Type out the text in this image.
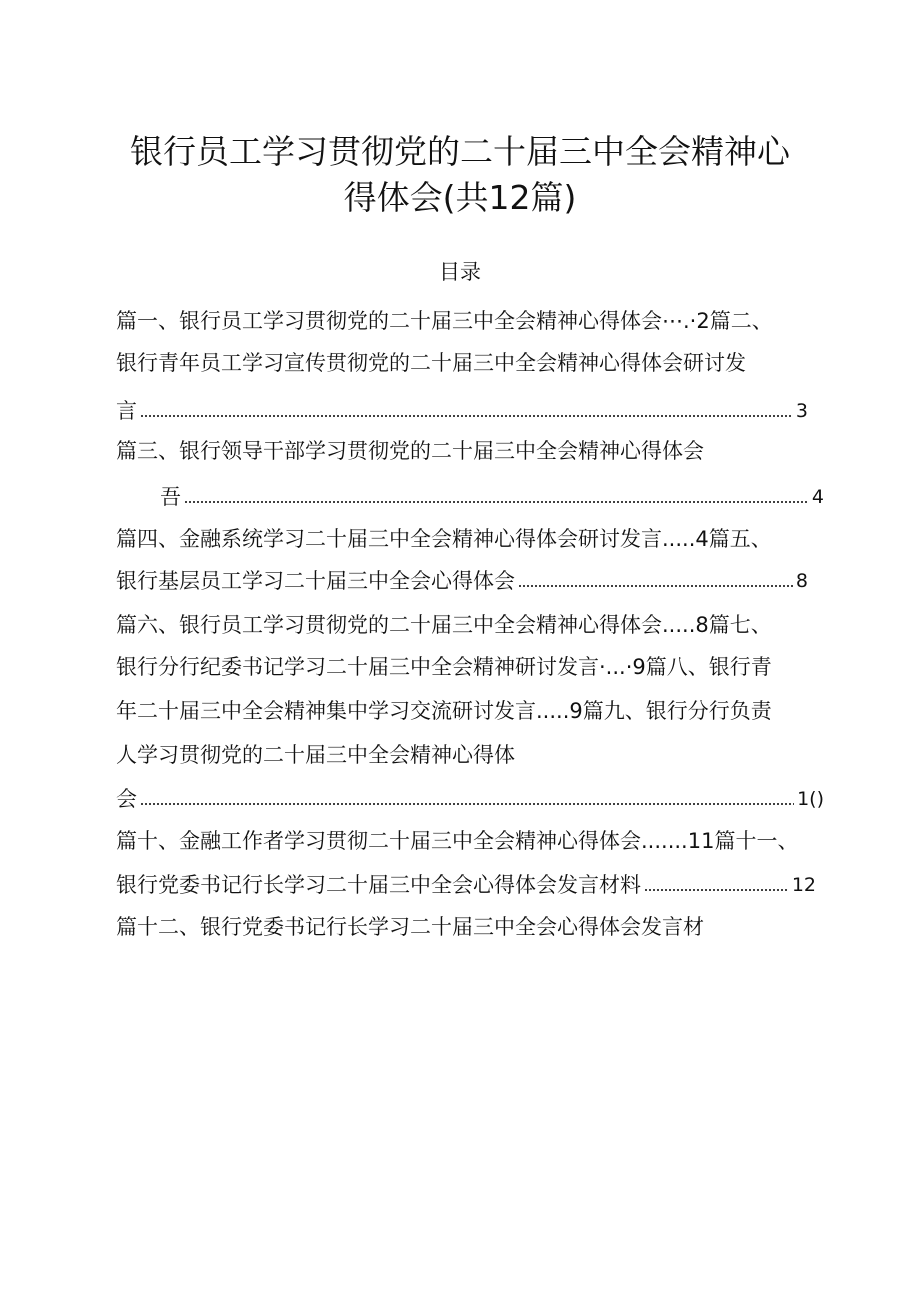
银行员工学习贯彻党的二十届三中全会精神心
得体会(共12篇)
目录
篇一、银行员工学习贯彻党的二十届三中全会精神心得体会⋯.·2篇二、
银行青年员工学习宣传贯彻党的二十届三中全会精神心得体会研讨发
言	3
篇三、银行领导干部学习贯彻党的二十届三中全会精神心得体会
吾	4
篇四、金融系统学习二十届三中全会精神心得体会研讨发言.....4篇五、
银行基层员工学习二十届三中全会心得体会	8
篇六、银行员工学习贯彻党的二十届三中全会精神心得体会.....8篇七、
银行分行纪委书记学习二十届三中全会精神研讨发言·...·9篇八、银行青
年二十届三中全会精神集中学习交流研讨发言.....9篇九、银行分行负责
人学习贯彻党的二十届三中全会精神心得体
会	1()
篇十、金融工作者学习贯彻二十届三中全会精神心得体会.......11篇十一、
银行党委书记行长学习二十届三中全会心得体会发言材料	12
篇十二、银行党委书记行长学习二十届三中全会心得体会发言材
